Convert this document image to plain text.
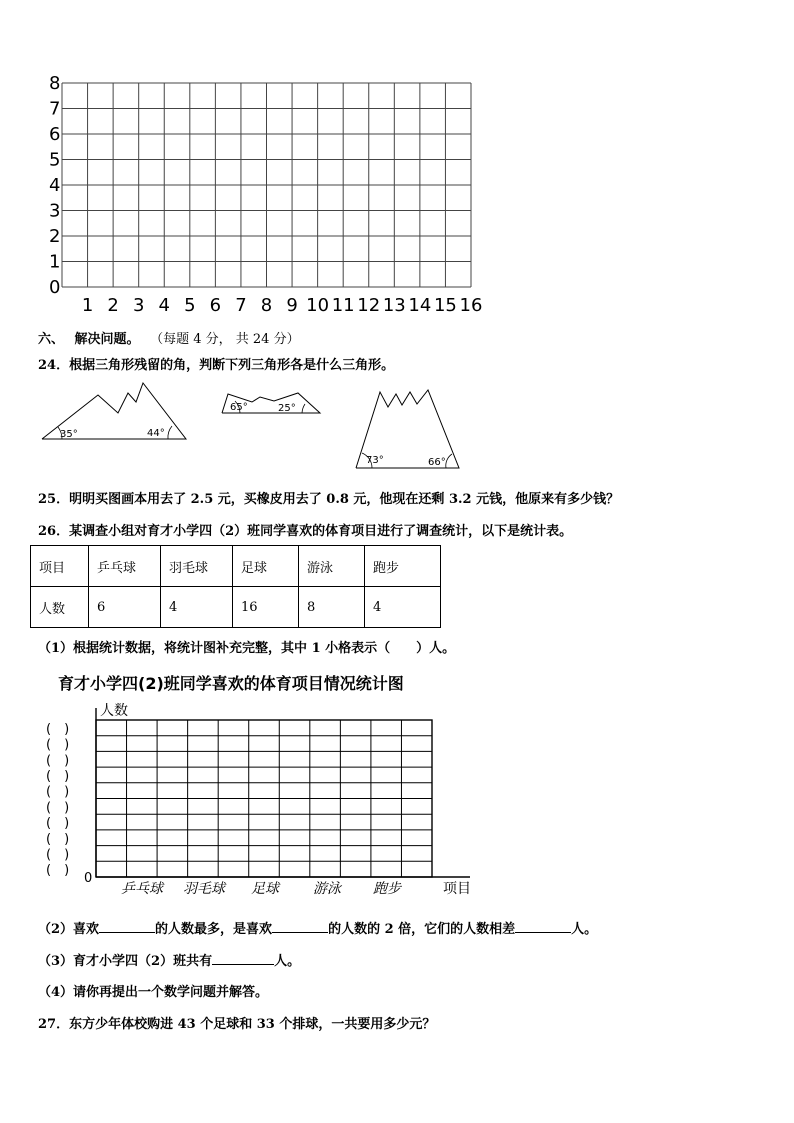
0
1
2
3
4
5
6
7
8
1 2 3 4 5 6 7 8 9 10 11 12 13 14 15 16
六、 解决问题。 （每题 4 分， 共 24 分）
24．根据三角形残留的角，判断下列三角形各是什么三角形。
35°	44°
65°	25°
73°	66°
25．明明买图画本用去了 2.5 元，买橡皮用去了 0.8 元，他现在还剩 3.2 元钱，他原来有多少钱？
26．某调查小组对育才小学四（2）班同学喜欢的体育项目进行了调查统计，以下是统计表。
项目	乒乓球	羽毛球	足球	游泳	跑步
人数	6	4	16	8	4
（1）根据统计数据，将统计图补充完整，其中 1 小格表示（　　）人。
育才小学四(2)班同学喜欢的体育项目情况统计图
(　)
(　)
(　)
(　)
(　)
(　)
(　)
(　)
(　)
(　)
人数
0
乒乓球 羽毛球 足球 游泳 跑步	项目
（2）喜欢	的人数最多，是喜欢	的人数的 2 倍，它们的人数相差	人。
（3）育才小学四（2）班共有	人。
（4）请你再提出一个数学问题并解答。
27．东方少年体校购进 43 个足球和 33 个排球，一共要用多少元？
